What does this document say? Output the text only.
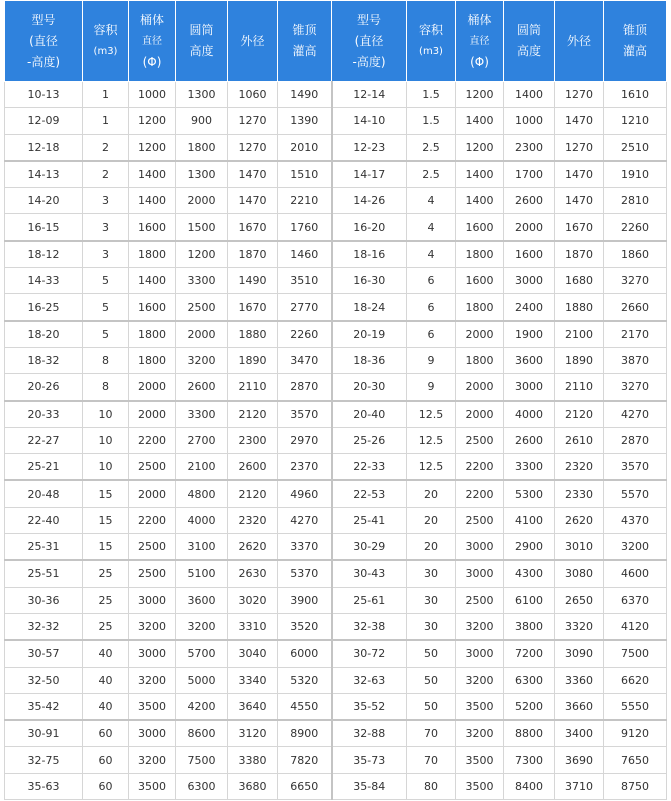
型号
(直径
-高度)	容积
(m3)	桶体
直径
(Φ)	圆筒
高度	外径	锥顶
灌高	型号
(直径
-高度)	容积
(m3)	桶体
直径
(Φ)	圆筒
高度	外径	锥顶
灌高

10-13	1	1000	1300	1060	1490	12-14	1.5	1200	1400	1270	1610
12-09	1	1200	900	1270	1390	14-10	1.5	1400	1000	1470	1210
12-18	2	1200	1800	1270	2010	12-23	2.5	1200	2300	1270	2510
14-13	2	1400	1300	1470	1510	14-17	2.5	1400	1700	1470	1910
14-20	3	1400	2000	1470	2210	14-26	4	1400	2600	1470	2810
16-15	3	1600	1500	1670	1760	16-20	4	1600	2000	1670	2260
18-12	3	1800	1200	1870	1460	18-16	4	1800	1600	1870	1860
14-33	5	1400	3300	1490	3510	16-30	6	1600	3000	1680	3270
16-25	5	1600	2500	1670	2770	18-24	6	1800	2400	1880	2660
18-20	5	1800	2000	1880	2260	20-19	6	2000	1900	2100	2170
18-32	8	1800	3200	1890	3470	18-36	9	1800	3600	1890	3870
20-26	8	2000	2600	2110	2870	20-30	9	2000	3000	2110	3270
20-33	10	2000	3300	2120	3570	20-40	12.5	2000	4000	2120	4270
22-27	10	2200	2700	2300	2970	25-26	12.5	2500	2600	2610	2870
25-21	10	2500	2100	2600	2370	22-33	12.5	2200	3300	2320	3570
20-48	15	2000	4800	2120	4960	22-53	20	2200	5300	2330	5570
22-40	15	2200	4000	2320	4270	25-41	20	2500	4100	2620	4370
25-31	15	2500	3100	2620	3370	30-29	20	3000	2900	3010	3200
25-51	25	2500	5100	2630	5370	30-43	30	3000	4300	3080	4600
30-36	25	3000	3600	3020	3900	25-61	30	2500	6100	2650	6370
32-32	25	3200	3200	3310	3520	32-38	30	3200	3800	3320	4120
30-57	40	3000	5700	3040	6000	30-72	50	3000	7200	3090	7500
32-50	40	3200	5000	3340	5320	32-63	50	3200	6300	3360	6620
35-42	40	3500	4200	3640	4550	35-52	50	3500	5200	3660	5550
30-91	60	3000	8600	3120	8900	32-88	70	3200	8800	3400	9120
32-75	60	3200	7500	3380	7820	35-73	70	3500	7300	3690	7650
35-63	60	3500	6300	3680	6650	35-84	80	3500	8400	3710	8750
